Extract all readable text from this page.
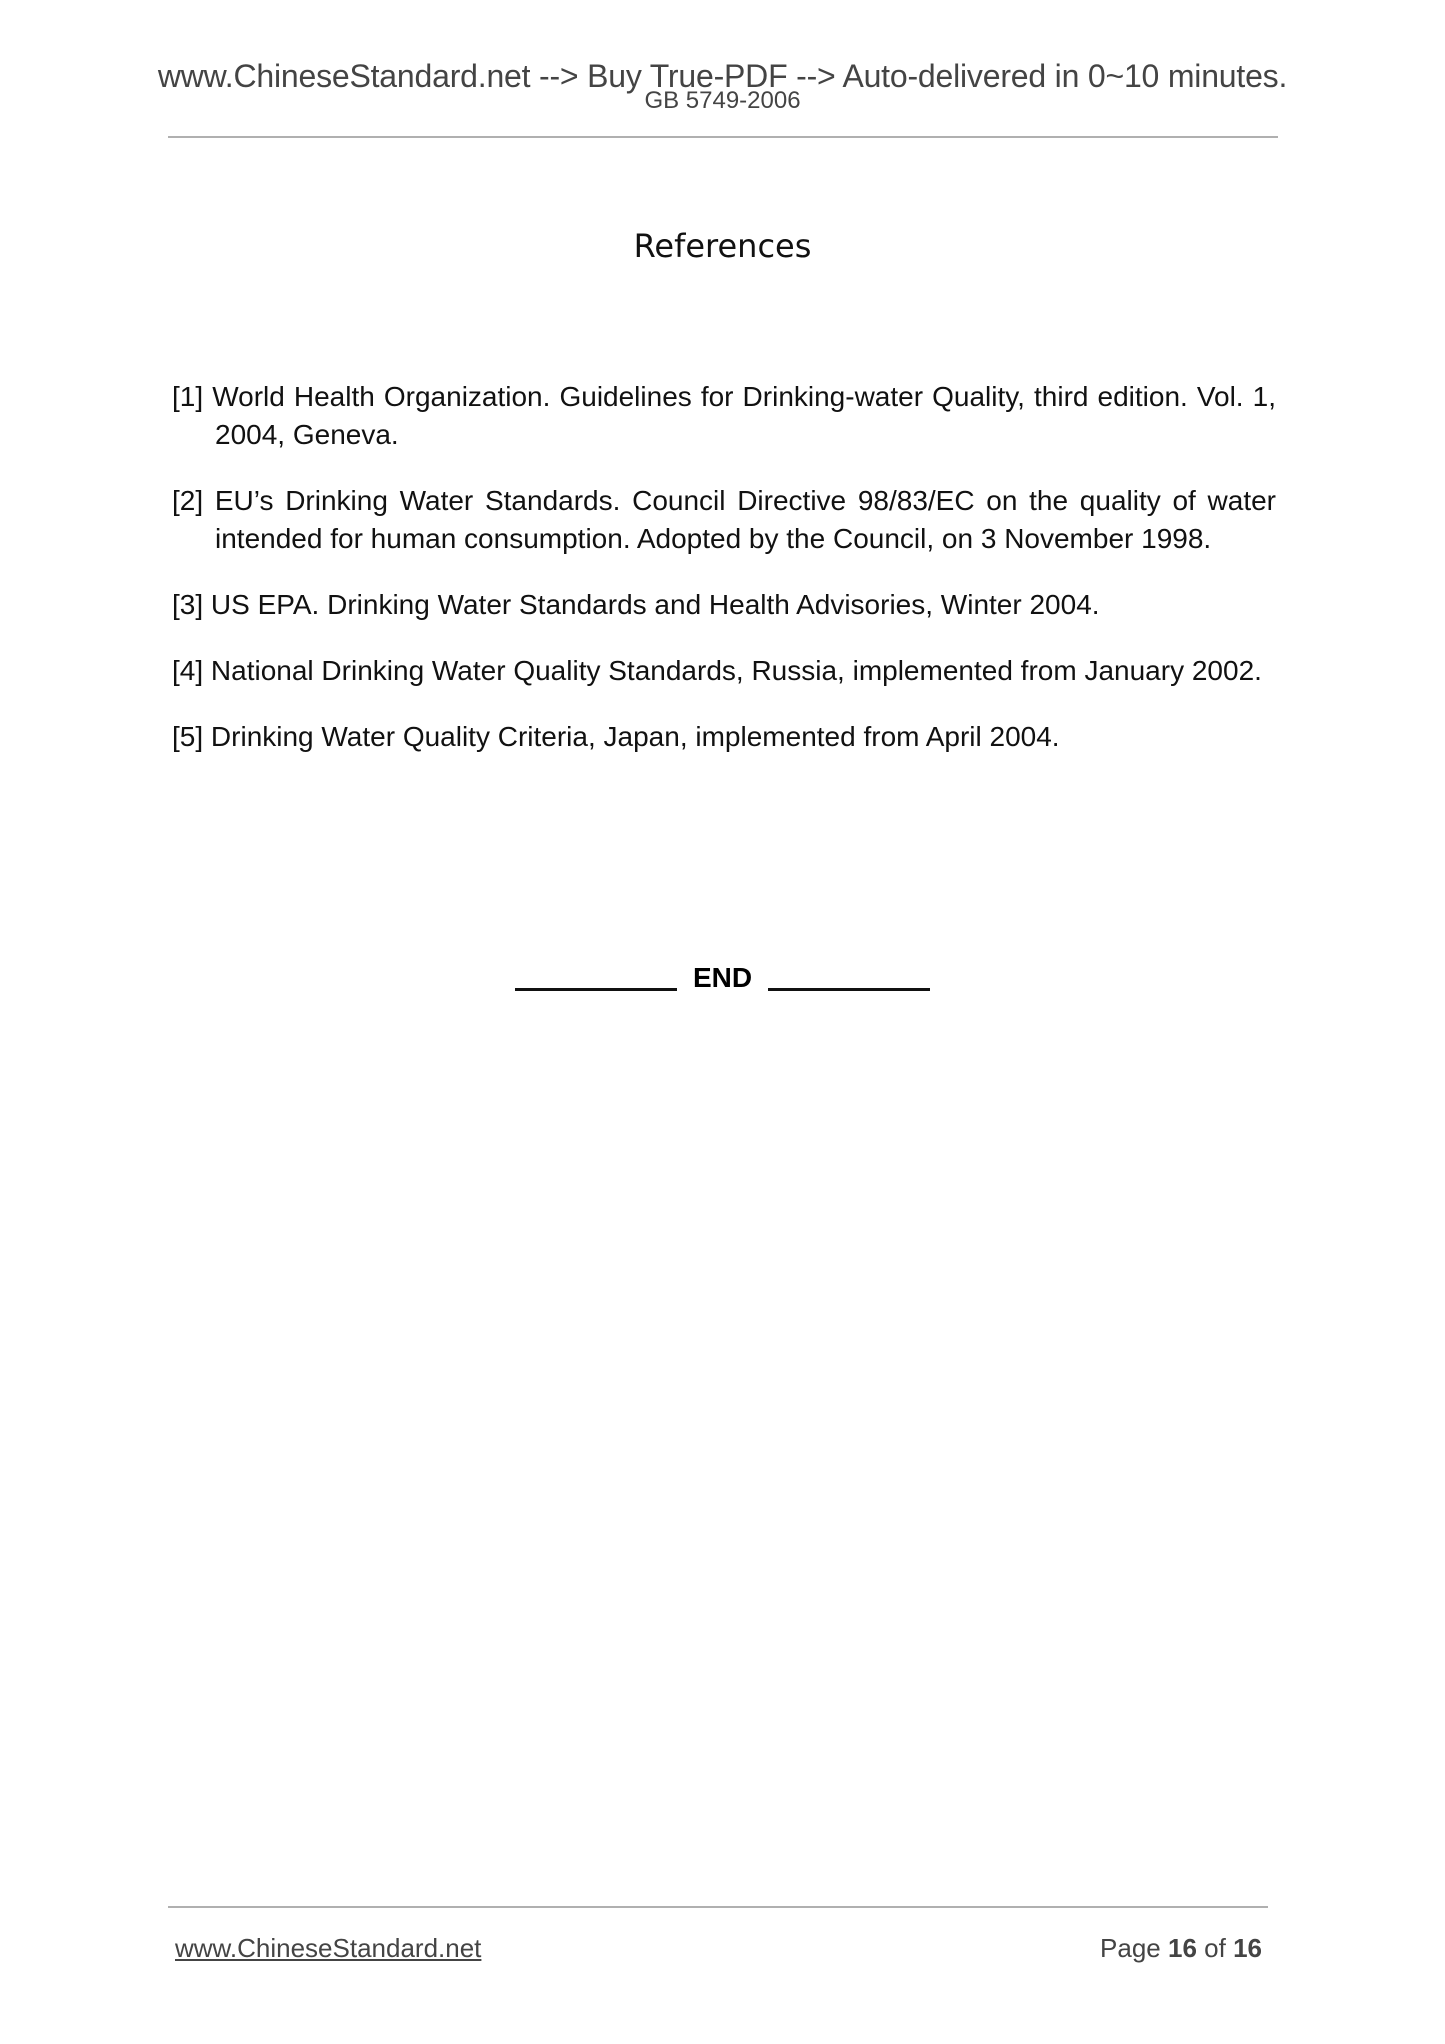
www.ChineseStandard.net --> Buy True-PDF --> Auto-delivered in 0~10 minutes.
GB 5749-2006
References
[1] World Health Organization. Guidelines for Drinking-water Quality, third edition. Vol. 1, 2004, Geneva.
[2] EU’s Drinking Water Standards. Council Directive 98/83/EC on the quality of water intended for human consumption. Adopted by the Council, on 3 November 1998.
[3] US EPA. Drinking Water Standards and Health Advisories, Winter 2004.
[4] National Drinking Water Quality Standards, Russia, implemented from January 2002.
[5] Drinking Water Quality Criteria, Japan, implemented from April 2004.
END
www.ChineseStandard.net	Page 16 of 16
